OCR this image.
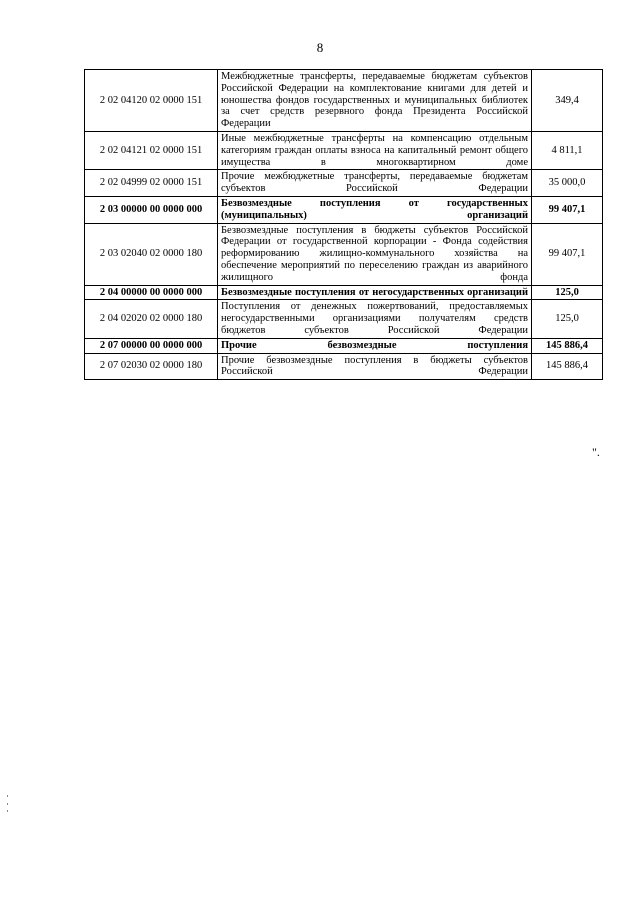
8
2 02 04120 02 0000 151	Межбюджетные трансферты, передаваемые бюджетам субъектов Российской Федерации на комплектование книгами для детей и юношества фондов государственных и муниципальных библиотек за счет средств резервного фонда Президента Российской Федерации	349,4
2 02 04121 02 0000 151	Иные межбюджетные трансферты на компенсацию отдельным категориям граждан оплаты взноса на капитальный ремонт общего имущества в многоквартирном доме	4 811,1
2 02 04999 02 0000 151	Прочие межбюджетные трансферты, передаваемые бюджетам субъектов Российской Федерации	35 000,0
2 03 00000 00 0000 000	Безвозмездные поступления от государственных (муниципальных) организаций	99 407,1
2 03 02040 02 0000 180	Безвозмездные поступления в бюджеты субъектов Российской Федерации от государственной корпорации - Фонда содействия реформированию жилищно-коммунального хозяйства на обеспечение мероприятий по переселению граждан из аварийного жилищного фонда	99 407,1
2 04 00000 00 0000 000	Безвозмездные поступления от негосударственных организаций	125,0
2 04 02020 02 0000 180	Поступления от денежных пожертвований, предоставляемых негосударственными организациями получателям средств бюджетов субъектов Российской Федерации	125,0
2 07 00000 00 0000 000	Прочие безвозмездные поступления	145 886,4
2 07 02030 02 0000 180	Прочие безвозмездные поступления в бюджеты субъектов Российской Федерации	145 886,4
".
